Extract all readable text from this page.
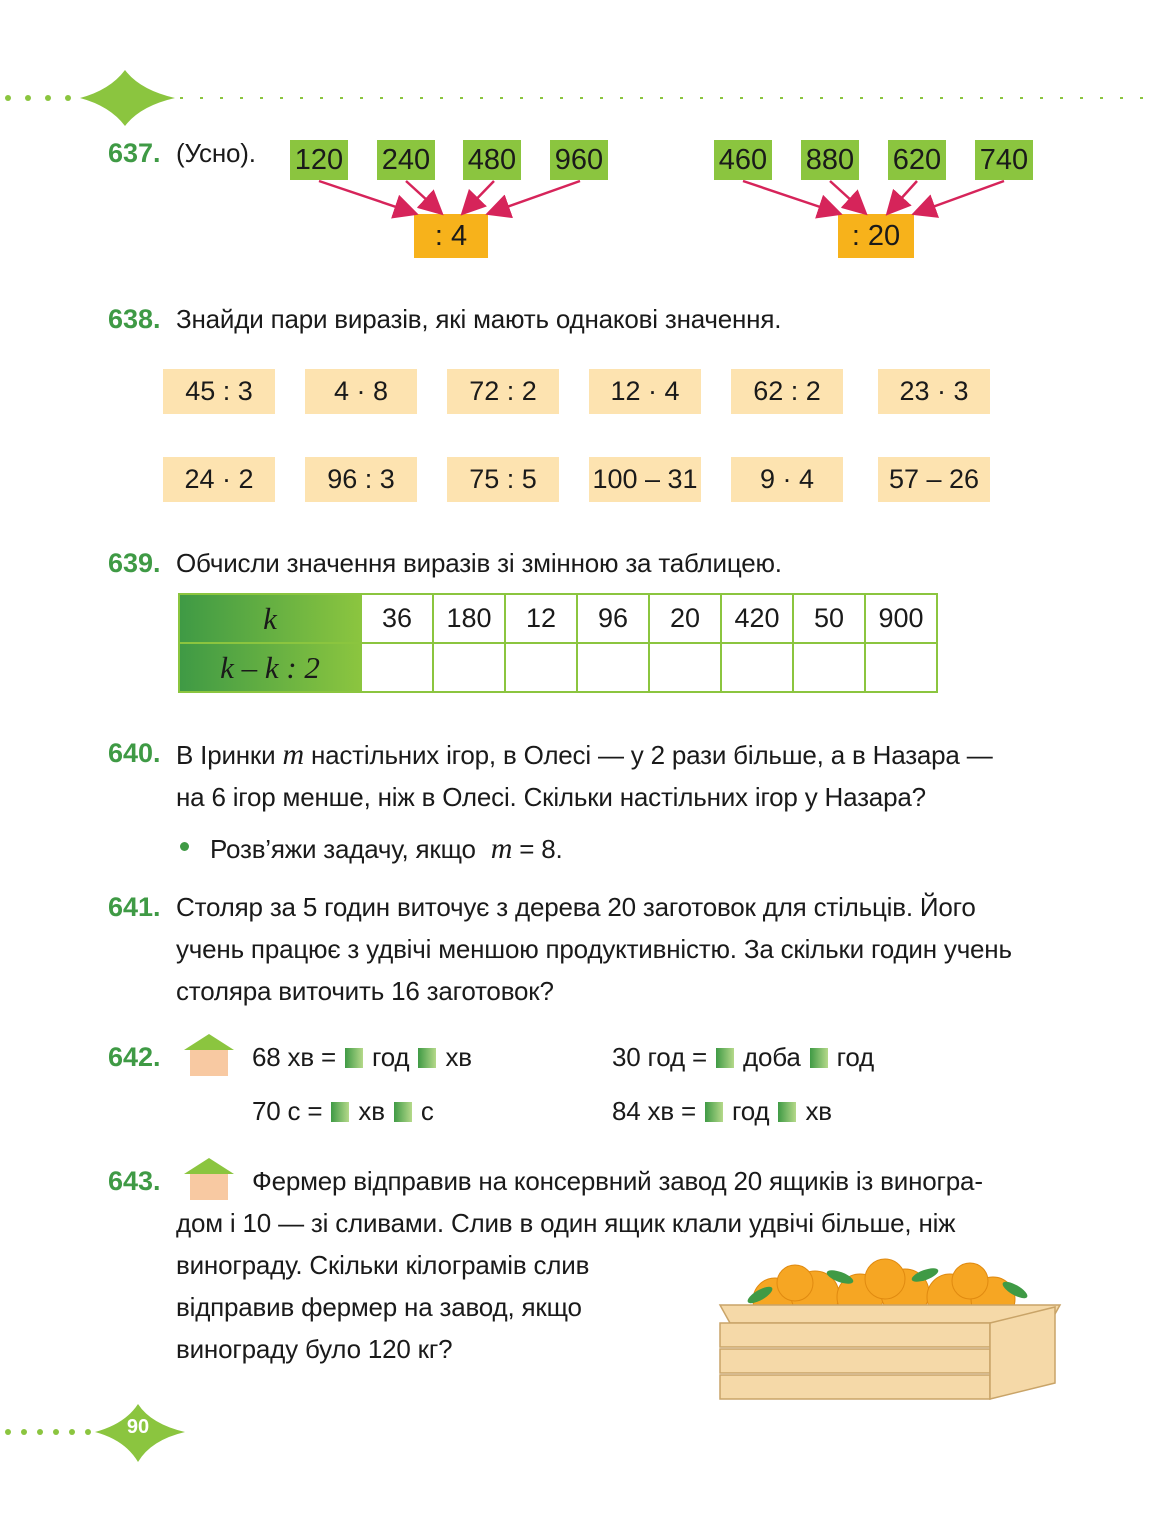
637. (Усно). 120 240 480 960
: 4
460 880 620 740
: 20
638. Знайди пари виразів, які мають однакові значення.
45 : 3	4 · 8	72 : 2	12 · 4	62 : 2	23 · 3
24 · 2	96 : 3	75 : 5	100 – 31	9 · 4	57 – 26
639. Обчисли значення виразів зі змінною за таблицею.
k	36	180	12	96	20	420	50	900
k – k : 2								
640. В Іринки m настільних ігор, в Олесі — у 2 рази більше, а в Назара —
на 6 ігор менше, ніж в Олесі. Скільки настільних ігор у Назара?
Розв’яжи задачу, якщо m = 8.
641. Столяр за 5 годин виточує з дерева 20 заготовок для стільців. Його
учень працює з удвічі меншою продуктивністю. За скільки годин учень
столяра виточить 16 заготовок?
642.	68 хв = год хв	30 год = доба год
70 с = хв с	84 хв = год хв
643.	Фермер відправив на консервний завод 20 ящиків із виногра-
дом і 10 — зі сливами. Слив в один ящик клали удвічі більше, ніж
винограду. Скільки кілограмів слив
відправив фермер на завод, якщо
винограду було 120 кг?
90
